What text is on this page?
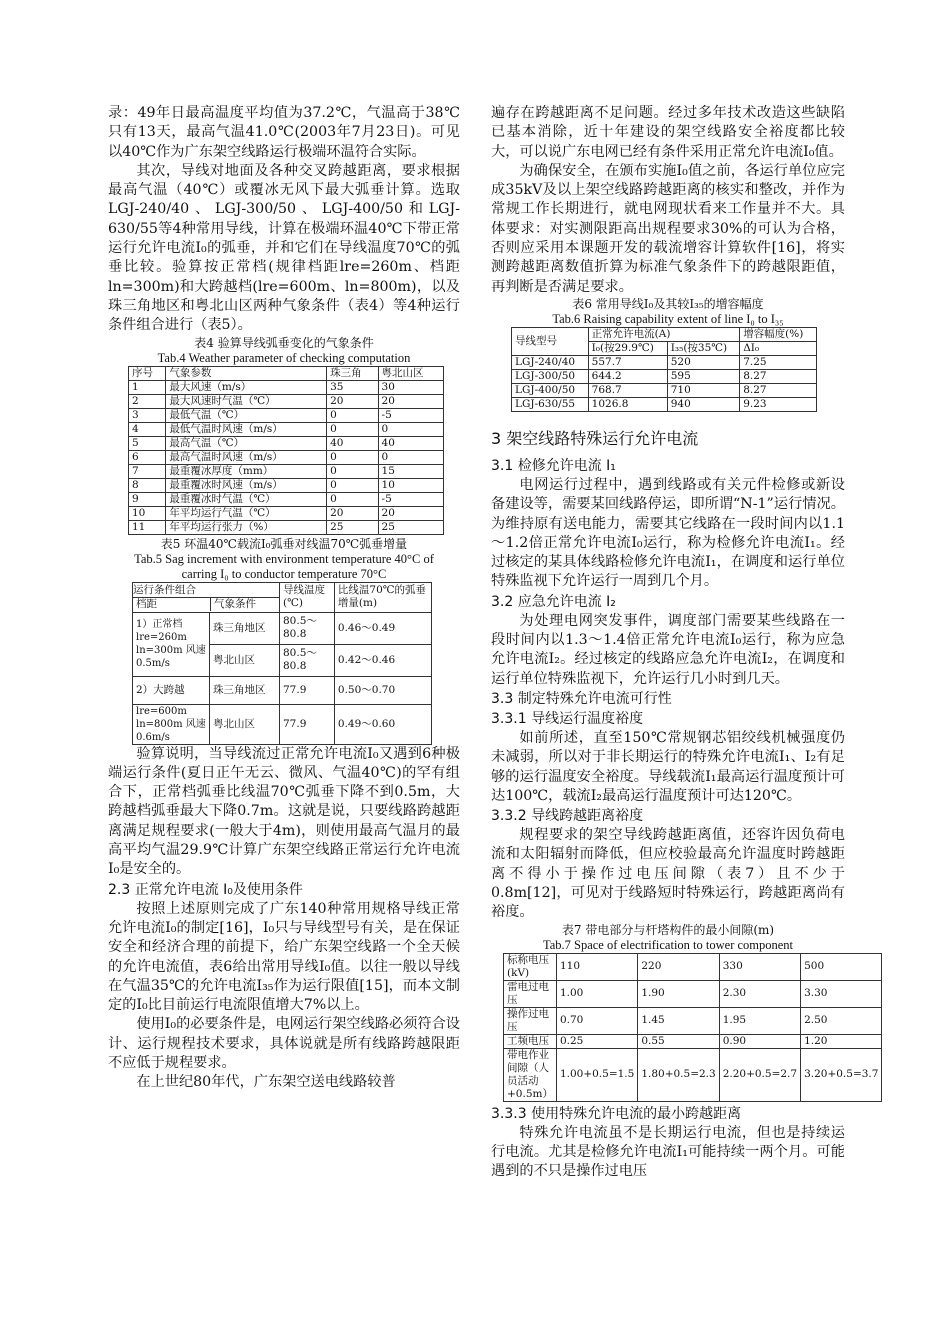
录：49年日最高温度平均值为37.2℃，气温高于38℃只有13天，最高气温41.0℃(2003年7月23日)。可见以40℃作为广东架空线路运行极端环温符合实际。

其次，导线对地面及各种交叉跨越距离，要求根据最高气温（40℃）或覆冰无风下最大弧垂计算。选取LGJ-240/40、LGJ-300/50、LGJ-400/50和LGJ-630/55等4种常用导线，计算在极端环温40℃下带正常运行允许电流I₀的弧垂，并和它们在导线温度70℃的弧垂比较。验算按正常档(规律档距lre=260m、档距ln=300m)和大跨越档(lre=600m、ln=800m)，以及珠三角地区和粤北山区两种气象条件（表4）等4种运行条件组合进行（表5）。

表4 验算导线弧垂变化的气象条件
Tab.4 Weather parameter of checking computation
序号	气象参数	珠三角	粤北山区
1	最大风速（m/s）	35	30
2	最大风速时气温（℃）	20	20
3	最低气温（℃）	0	-5
4	最低气温时风速（m/s）	0	0
5	最高气温（℃）	40	40
6	最高气温时风速（m/s）	0	0
7	最重覆冰厚度（mm）	0	15
8	最重覆冰时风速（m/s）	0	10
9	最重覆冰时气温（℃）	0	-5
10	年平均运行气温（℃）	20	20
11	年平均运行张力（%）	25	25
表5 环温40℃载流I₀弧垂对线温70℃弧垂增量
Tab.5 Sag increment with environment temperature 40°C of
carring I₀ to conductor temperature 70°C
运行条件组合
档距 气象条件		导线温度(℃)	比线温70℃的弧垂增量(m)
1）正常档 lre=260m ln=300m 风速0.5m/s	珠三角地区	80.5～80.8	0.46～0.49
	粤北山区	80.5～80.8	0.42～0.46
2）大跨越	珠三角地区	77.9	0.50～0.70
lre=600m ln=800m 风速0.6m/s	粤北山区	77.9	0.49～0.60

验算说明，当导线流过正常允许电流I₀又遇到6种极端运行条件(夏日正午无云、微风、气温40℃)的罕有组合下，正常档弧垂比线温70℃弧垂下降不到0.5m，大跨越档弧垂最大下降0.7m。这就是说，只要线路跨越距离满足规程要求(一般大于4m)，则使用最高气温月的最高平均气温29.9℃计算广东架空线路正常运行允许电流I₀是安全的。

2.3 正常允许电流 I₀及使用条件

按照上述原则完成了广东140种常用规格导线正常允许电流I₀的制定[16]，I₀只与导线型号有关，是在保证安全和经济合理的前提下，给广东架空线路一个全天候的允许电流值，表6给出常用导线I₀值。以往一般以导线在气温35℃的允许电流I₃₅作为运行限值[15]，而本文制定的I₀比目前运行电流限值增大7%以上。

使用I₀的必要条件是，电网运行架空线路必须符合设计、运行规程技术要求，具体说就是所有线路跨越限距不应低于规程要求。

在上世纪80年代，广东架空送电线路较普

遍存在跨越距离不足问题。经过多年技术改造这些缺陷已基本消除，近十年建设的架空线路安全裕度都比较大，可以说广东电网已经有条件采用正常允许电流I₀值。

为确保安全，在颁布实施I₀值之前，各运行单位应完成35kV及以上架空线路跨越距离的核实和整改，并作为常规工作长期进行，就电网现状看来工作量并不大。具体要求：对实测限距高出规程要求30%的可认为合格，否则应采用本课题开发的载流增容计算软件[16]，将实测跨越距离数值折算为标准气象条件下的跨越限距值，再判断是否满足要求。

表6 常用导线I₀及其较I₃₅的增容幅度
Tab.6 Raising capability extent of line I₀ to I₃₅
导线型号	正常允许电流(A)		增容幅度(%)
	I₀(按29.9℃)	I₃₅(按35℃)	ΔI₀
LGJ-240/40	557.7	520	7.25
LGJ-300/50	644.2	595	8.27
LGJ-400/50	768.7	710	8.27
LGJ-630/55	1026.8	940	9.23
3 架空线路特殊运行允许电流
3.1 检修允许电流 I₁

电网运行过程中，遇到线路或有关元件检修或新设备建设等，需要某回线路停运，即所谓“N-1”运行情况。为维持原有送电能力，需要其它线路在一段时间内以1.1～1.2倍正常允许电流I₀运行，称为检修允许电流I₁。经过核定的某具体线路检修允许电流I₁，在调度和运行单位特殊监视下允许运行一周到几个月。

3.2 应急允许电流 I₂

为处理电网突发事件，调度部门需要某些线路在一段时间内以1.3～1.4倍正常允许电流I₀运行，称为应急允许电流I₂。经过核定的线路应急允许电流I₂，在调度和运行单位特殊监视下，允许运行几小时到几天。

3.3 制定特殊允许电流可行性
3.3.1 导线运行温度裕度

如前所述，直至150℃常规钢芯铝绞线机械强度仍未减弱，所以对于非长期运行的特殊允许电流I₁、I₂有足够的运行温度安全裕度。导线载流I₁最高运行温度预计可达100℃，载流I₂最高运行温度预计可达120℃。

3.3.2 导线跨越距离裕度

规程要求的架空导线跨越距离值，还容许因负荷电流和太阳辐射而降低，但应校验最高允许温度时跨越距离不得小于操作过电压间隙（表7）且不少于0.8m[12]，可见对于线路短时特殊运行，跨越距离尚有裕度。

表7 带电部分与杆塔构件的最小间隙(m)
Tab.7 Space of electrification to tower component
标称电压(kV)	110	220	330	500
雷电过电压	1.00	1.90	2.30	3.30
操作过电压	0.70	1.45	1.95	2.50
工频电压	0.25	0.55	0.90	1.20
带电作业间隙（人员活动+0.5m）	1.00+0.5=1.5	1.80+0.5=2.3	2.20+0.5=2.7	3.20+0.5=3.7
3.3.3 使用特殊允许电流的最小跨越距离

特殊允许电流虽不是长期运行电流，但也是持续运行电流。尤其是检修允许电流I₁可能持续一两个月。可能遇到的不只是操作过电压
